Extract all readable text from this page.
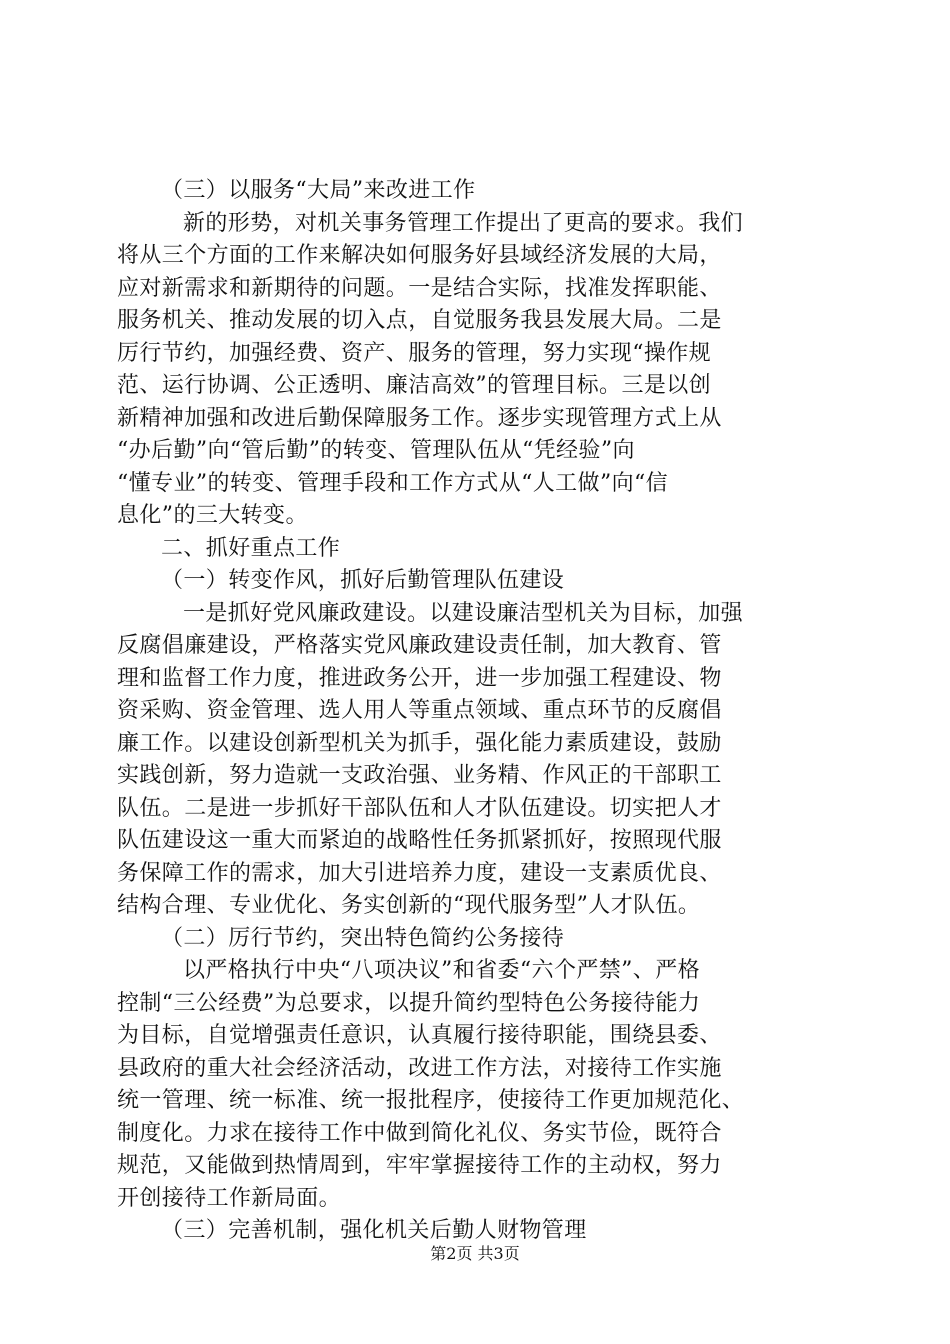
（三）以服务“大局”来改进工作
新的形势，对机关事务管理工作提出了更高的要求。我们
将从三个方面的工作来解决如何服务好县域经济发展的大局，
应对新需求和新期待的问题。一是结合实际，找准发挥职能、
服务机关、推动发展的切入点，自觉服务我县发展大局。二是
厉行节约，加强经费、资产、服务的管理，努力实现“操作规
范、运行协调、公正透明、廉洁高效”的管理目标。三是以创
新精神加强和改进后勤保障服务工作。逐步实现管理方式上从
“办后勤”向“管后勤”的转变、管理队伍从“凭经验”向
“懂专业”的转变、管理手段和工作方式从“人工做”向“信
息化”的三大转变。
二、抓好重点工作
（一）转变作风，抓好后勤管理队伍建设
一是抓好党风廉政建设。以建设廉洁型机关为目标，加强
反腐倡廉建设，严格落实党风廉政建设责任制，加大教育、管
理和监督工作力度，推进政务公开，进一步加强工程建设、物
资采购、资金管理、选人用人等重点领域、重点环节的反腐倡
廉工作。以建设创新型机关为抓手，强化能力素质建设，鼓励
实践创新，努力造就一支政治强、业务精、作风正的干部职工
队伍。二是进一步抓好干部队伍和人才队伍建设。切实把人才
队伍建设这一重大而紧迫的战略性任务抓紧抓好，按照现代服
务保障工作的需求，加大引进培养力度，建设一支素质优良、
结构合理、专业优化、务实创新的“现代服务型”人才队伍。
（二）厉行节约，突出特色简约公务接待
以严格执行中央“八项决议”和省委“六个严禁”、严格
控制“三公经费”为总要求，以提升简约型特色公务接待能力
为目标，自觉增强责任意识，认真履行接待职能，围绕县委、
县政府的重大社会经济活动，改进工作方法，对接待工作实施
统一管理、统一标准、统一报批程序，使接待工作更加规范化、
制度化。力求在接待工作中做到简化礼仪、务实节俭，既符合
规范，又能做到热情周到，牢牢掌握接待工作的主动权，努力
开创接待工作新局面。
（三）完善机制，强化机关后勤人财物管理
第2页 共3页
